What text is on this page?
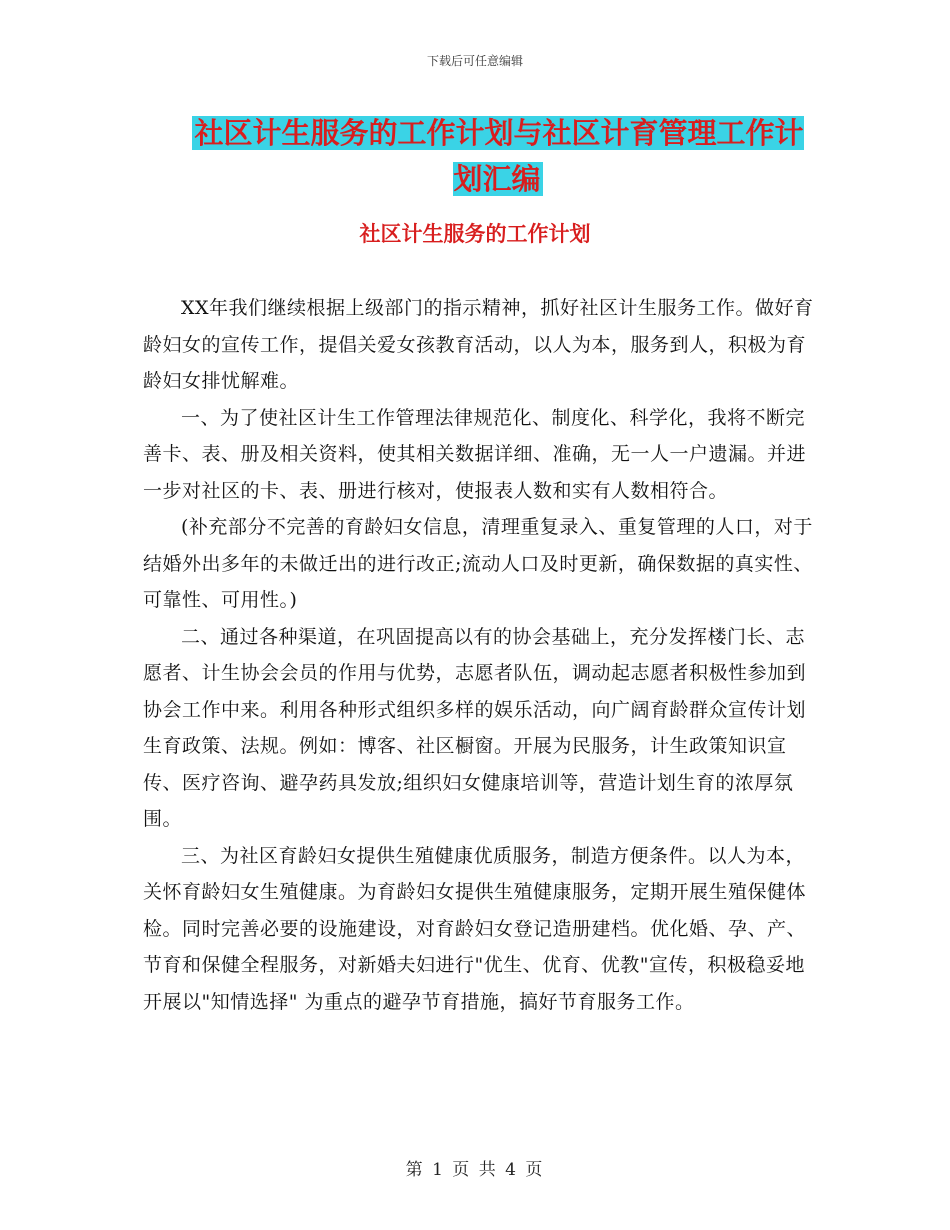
下载后可任意编辑
社区计生服务的工作计划与社区计育管理工作计划汇编
社区计生服务的工作计划

XX年我们继续根据上级部门的指示精神，抓好社区计生服务工作。做好育龄妇女的宣传工作，提倡关爱女孩教育活动，以人为本，服务到人，积极为育龄妇女排忧解难。

一、为了使社区计生工作管理法律规范化、制度化、科学化，我将不断完善卡、表、册及相关资料，使其相关数据详细、准确，无一人一户遗漏。并进一步对社区的卡、表、册进行核对，使报表人数和实有人数相符合。

(补充部分不完善的育龄妇女信息，清理重复录入、重复管理的人口，对于结婚外出多年的未做迁出的进行改正;流动人口及时更新，确保数据的真实性、可靠性、可用性。)

二、通过各种渠道，在巩固提高以有的协会基础上，充分发挥楼门长、志愿者、计生协会会员的作用与优势，志愿者队伍，调动起志愿者积极性参加到协会工作中来。利用各种形式组织多样的娱乐活动，向广阔育龄群众宣传计划生育政策、法规。例如：博客、社区橱窗。开展为民服务，计生政策知识宣传、医疗咨询、避孕药具发放;组织妇女健康培训等，营造计划生育的浓厚氛围。

三、为社区育龄妇女提供生殖健康优质服务，制造方便条件。以人为本，关怀育龄妇女生殖健康。为育龄妇女提供生殖健康服务，定期开展生殖保健体检。同时完善必要的设施建设，对育龄妇女登记造册建档。优化婚、孕、产、节育和保健全程服务，对新婚夫妇进行"优生、优育、优教"宣传，积极稳妥地开展以"知情选择" 为重点的避孕节育措施，搞好节育服务工作。

第 1 页 共 4 页
